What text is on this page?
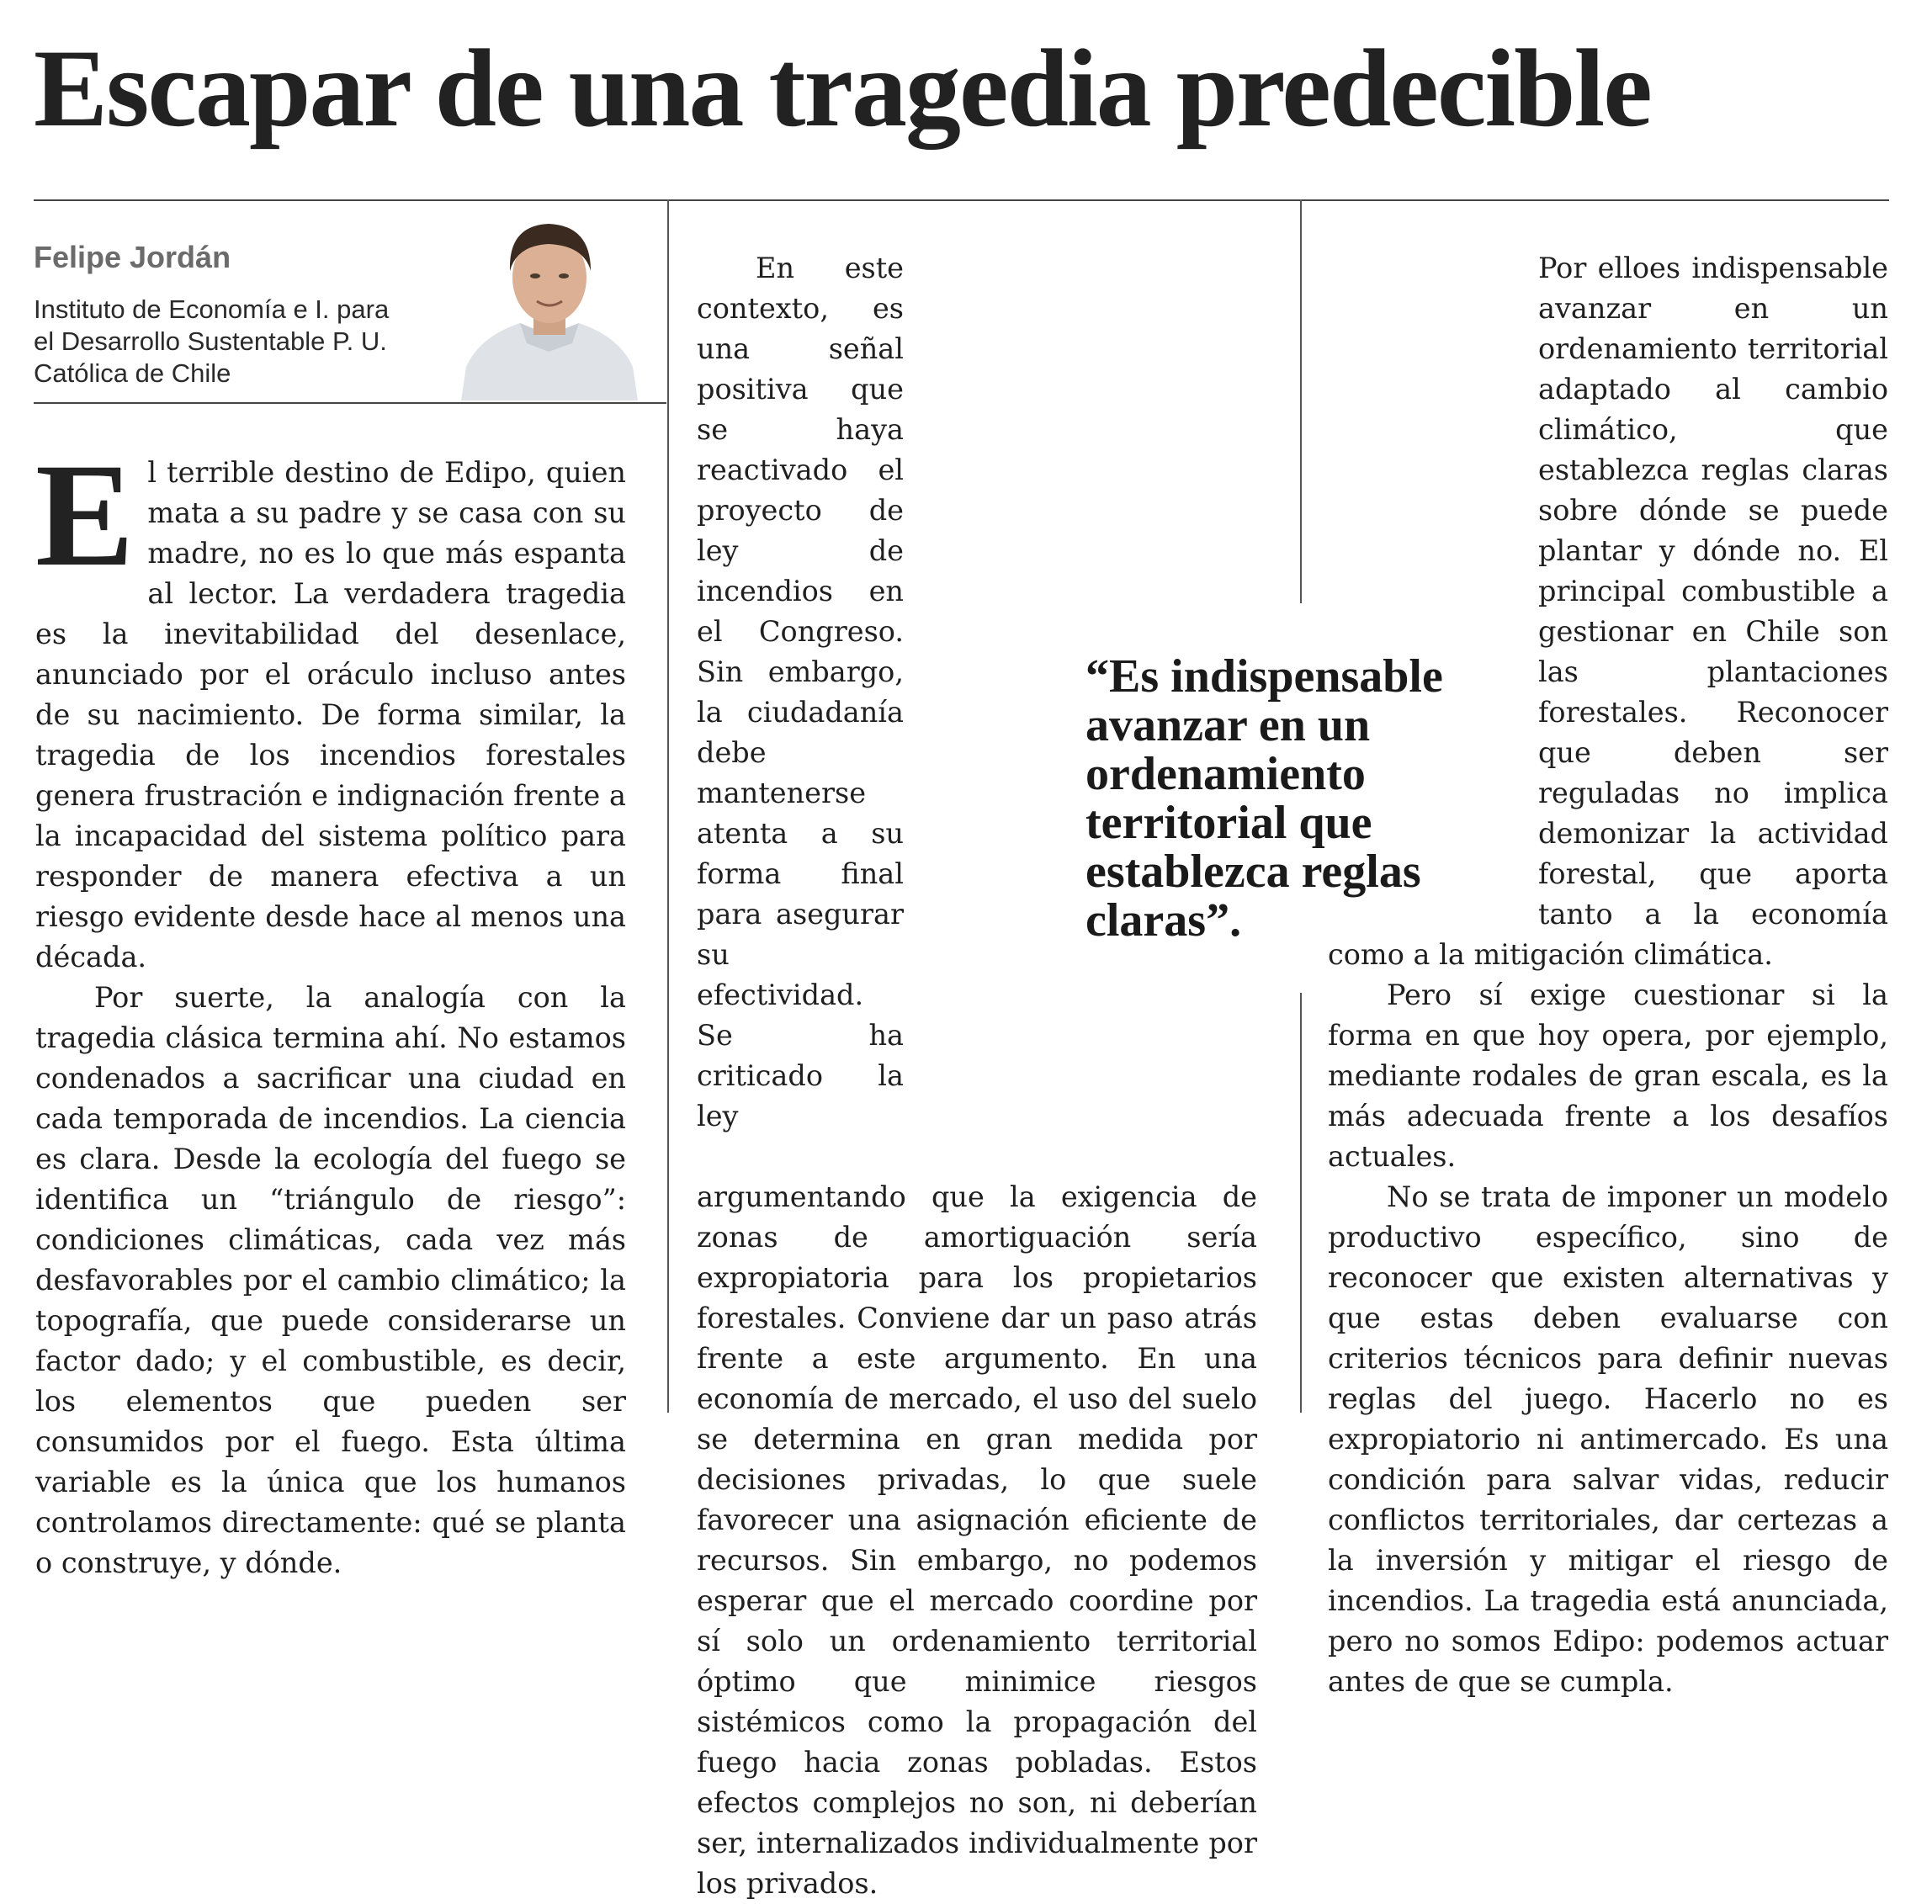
Escapar de una tragedia predecible

Felipe Jordán

Instituto de Economía e I. para

el Desarrollo Sustentable P. U.

Católica de Chile

E l terrible destino de Edipo, quien mata a su padre y se casa con su madre, no es lo que más espanta al lector. La verdadera tragedia es la inevitabilidad del desenlace, anunciado por el oráculo incluso antes de su nacimiento. De forma similar, la tragedia de los incendios forestales genera frustración e indignación frente a la incapacidad del sistema político para responder de manera efectiva a un riesgo evidente desde hace al menos una década.

Por suerte, la analogía con la tragedia clásica termina ahí. No estamos condenados a sacrificar una ciudad en cada temporada de incendios. La ciencia es clara. Desde la ecología del fuego se identifica un “triángulo de riesgo”: condiciones climáticas, cada vez más desfavorables por el cambio climático; la topografía, que puede considerarse un factor dado; y el combustible, es decir, los elementos que pueden ser consumidos por el fuego. Esta última variable es la única que los humanos controlamos directamente: qué se planta o construye, y dónde.

En este contexto, es una señal positiva que se haya reactivado el proyecto de ley de incendios en el Congreso. Sin embargo, la ciudadanía debe mantenerse atenta a su forma final para asegurar su efectividad. Se ha criticado la ley argumentando que la exigencia de zonas de amortiguación sería expropiatoria para los propietarios forestales. Conviene dar un paso atrás frente a este argumento. En una economía de mercado, el uso del suelo se determina en gran medida por decisiones privadas, lo que suele favorecer una asignación eficiente de recursos. Sin embargo, no podemos esperar que el mercado coordine por sí solo un ordenamiento territorial óptimo que minimice riesgos sistémicos como la propagación del fuego hacia zonas pobladas. Estos efectos complejos no son, ni deberían ser, internalizados individualmente por los privados.

Por elloes indispensable avanzar en un ordenamiento territorial adaptado al cambio climático, que establezca reglas claras sobre dónde se puede plantar y dónde no. El principal combustible a gestionar en Chile son las plantaciones forestales. Reconocer que deben ser reguladas no implica demonizar la actividad forestal, que aporta tanto a la economía como a la mitigación climática.

Pero sí exige cuestionar si la forma en que hoy opera, por ejemplo, mediante rodales de gran escala, es la más adecuada frente a los desafíos actuales.

No se trata de imponer un modelo productivo específico, sino de reconocer que existen alternativas y que estas deben evaluarse con criterios técnicos para definir nuevas reglas del juego. Hacerlo no es expropiatorio ni antimercado. Es una condición para salvar vidas, reducir conflictos territoriales, dar certezas a la inversión y mitigar el riesgo de incendios. La tragedia está anunciada, pero no somos Edipo: podemos actuar antes de que se cumpla.

“Es indispensable avanzar en un ordenamiento territorial que establezca reglas claras”.
